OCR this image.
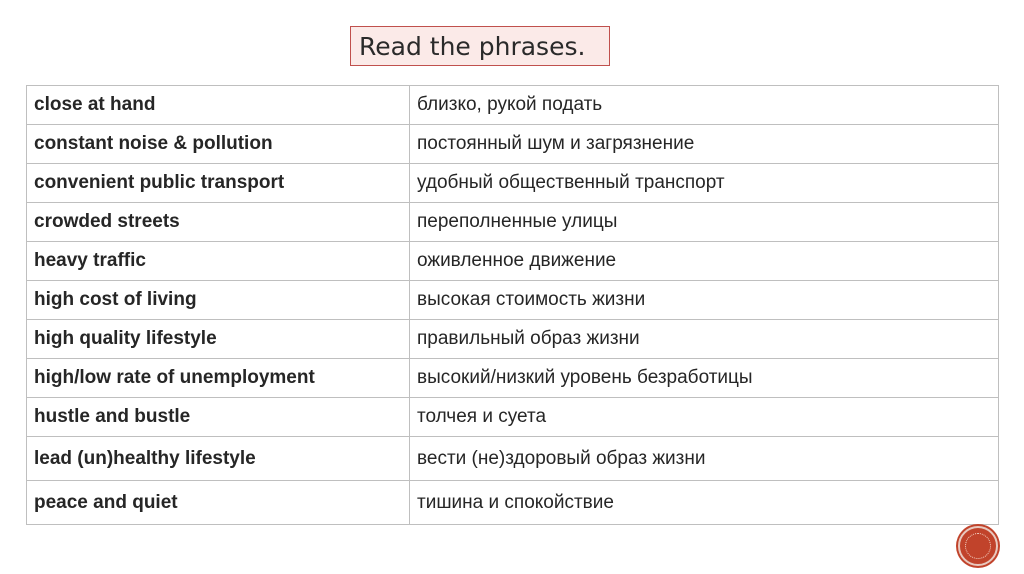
Read the phrases.
close at hand	близко, рукой подать
constant noise & pollution	постоянный шум и загрязнение
convenient public transport	удобный общественный транспорт
crowded streets	переполненные улицы
heavy traffic	оживленное движение
high cost of living	высокая стоимость жизни
high quality lifestyle	правильный образ жизни
high/low rate of unemployment	высокий/низкий уровень безработицы
hustle and bustle	толчея и суета
lead (un)healthy lifestyle	вести (не)здоровый образ жизни
peace and quiet	тишина и спокойствие
